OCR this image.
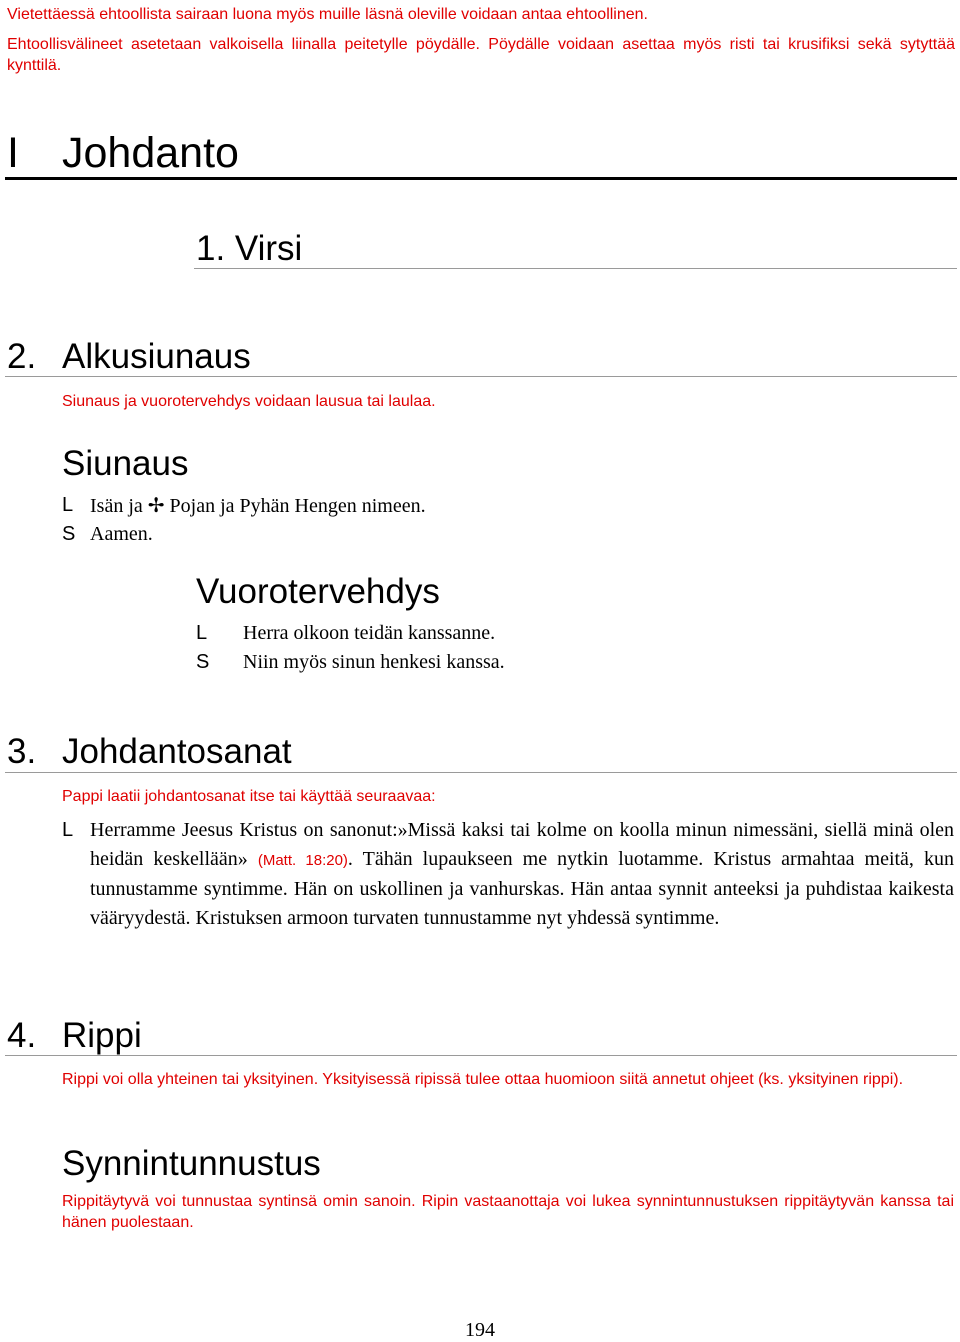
Vietettäessä ehtoollista sairaan luona myös muille läsnä oleville voidaan antaa ehtoollinen.
Ehtoollisvälineet asetetaan valkoisella liinalla peitetylle pöydälle. Pöydälle voidaan asettaa myös risti tai krusifiksi sekä sytyttää kynttilä.
I Johdanto
1. Virsi
2. Alkusiunaus
Siunaus ja vuorotervehdys voidaan lausua tai laulaa.
Siunaus
L Isän ja ✢ Pojan ja Pyhän Hengen nimeen.
S Aamen.
Vuorotervehdys
L Herra olkoon teidän kanssanne.
S Niin myös sinun henkesi kanssa.
3. Johdantosanat
Pappi laatii johdantosanat itse tai käyttää seuraavaa:
L Herramme Jeesus Kristus on sanonut:»Missä kaksi tai kolme on koolla minun nimessäni, siellä minä olen heidän keskellään» (Matt. 18:20). Tähän lupaukseen me nytkin luotamme. Kristus armahtaa meitä, kun tunnustamme syntimme. Hän on uskollinen ja vanhurskas. Hän antaa synnit anteeksi ja puhdistaa kaikesta vääryydestä. Kristuksen armoon turvaten tunnustamme nyt yhdessä syntimme.
4. Rippi
Rippi voi olla yhteinen tai yksityinen. Yksityisessä ripissä tulee ottaa huomioon siitä annetut ohjeet (ks. yksityinen rippi).
Synnintunnustus
Rippitäytyvä voi tunnustaa syntinsä omin sanoin. Ripin vastaanottaja voi lukea synnintunnustuksen rippitäytyvän kanssa tai hänen puolestaan.
194
